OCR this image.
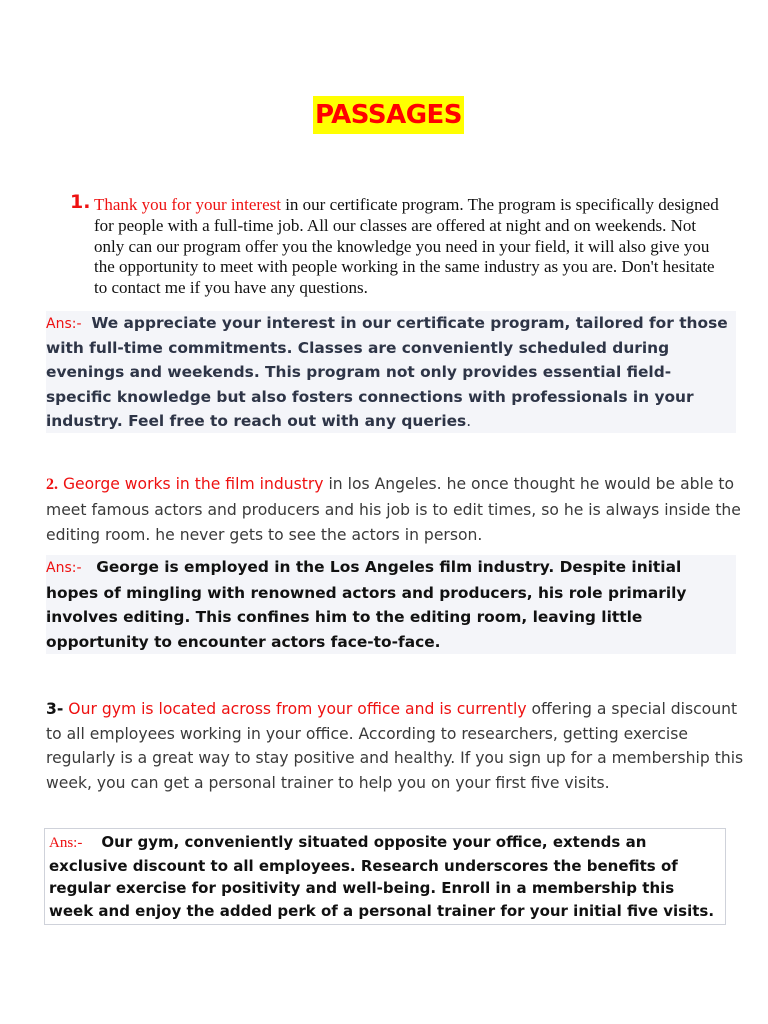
PASSAGES
1. Thank you for your interest in our certificate program. The program is specifically designed for people with a full-time job. All our classes are offered at night and on weekends. Not only can our program offer you the knowledge you need in your field, it will also give you the opportunity to meet with people working in the same industry as you are. Don't hesitate to contact me if you have any questions.
Ans:- We appreciate your interest in our certificate program, tailored for those with full-time commitments. Classes are conveniently scheduled during evenings and weekends. This program not only provides essential field-specific knowledge but also fosters connections with professionals in your industry. Feel free to reach out with any queries.
2. George works in the film industry in los Angeles. he once thought he would be able to meet famous actors and producers and his job is to edit times, so he is always inside the editing room. he never gets to see the actors in person.
Ans:- George is employed in the Los Angeles film industry. Despite initial hopes of mingling with renowned actors and producers, his role primarily involves editing. This confines him to the editing room, leaving little opportunity to encounter actors face-to-face.
3- Our gym is located across from your office and is currently offering a special discount to all employees working in your office. According to researchers, getting exercise regularly is a great way to stay positive and healthy. If you sign up for a membership this week, you can get a personal trainer to help you on your first five visits.
Ans:- Our gym, conveniently situated opposite your office, extends an exclusive discount to all employees. Research underscores the benefits of regular exercise for positivity and well-being. Enroll in a membership this week and enjoy the added perk of a personal trainer for your initial five visits.
